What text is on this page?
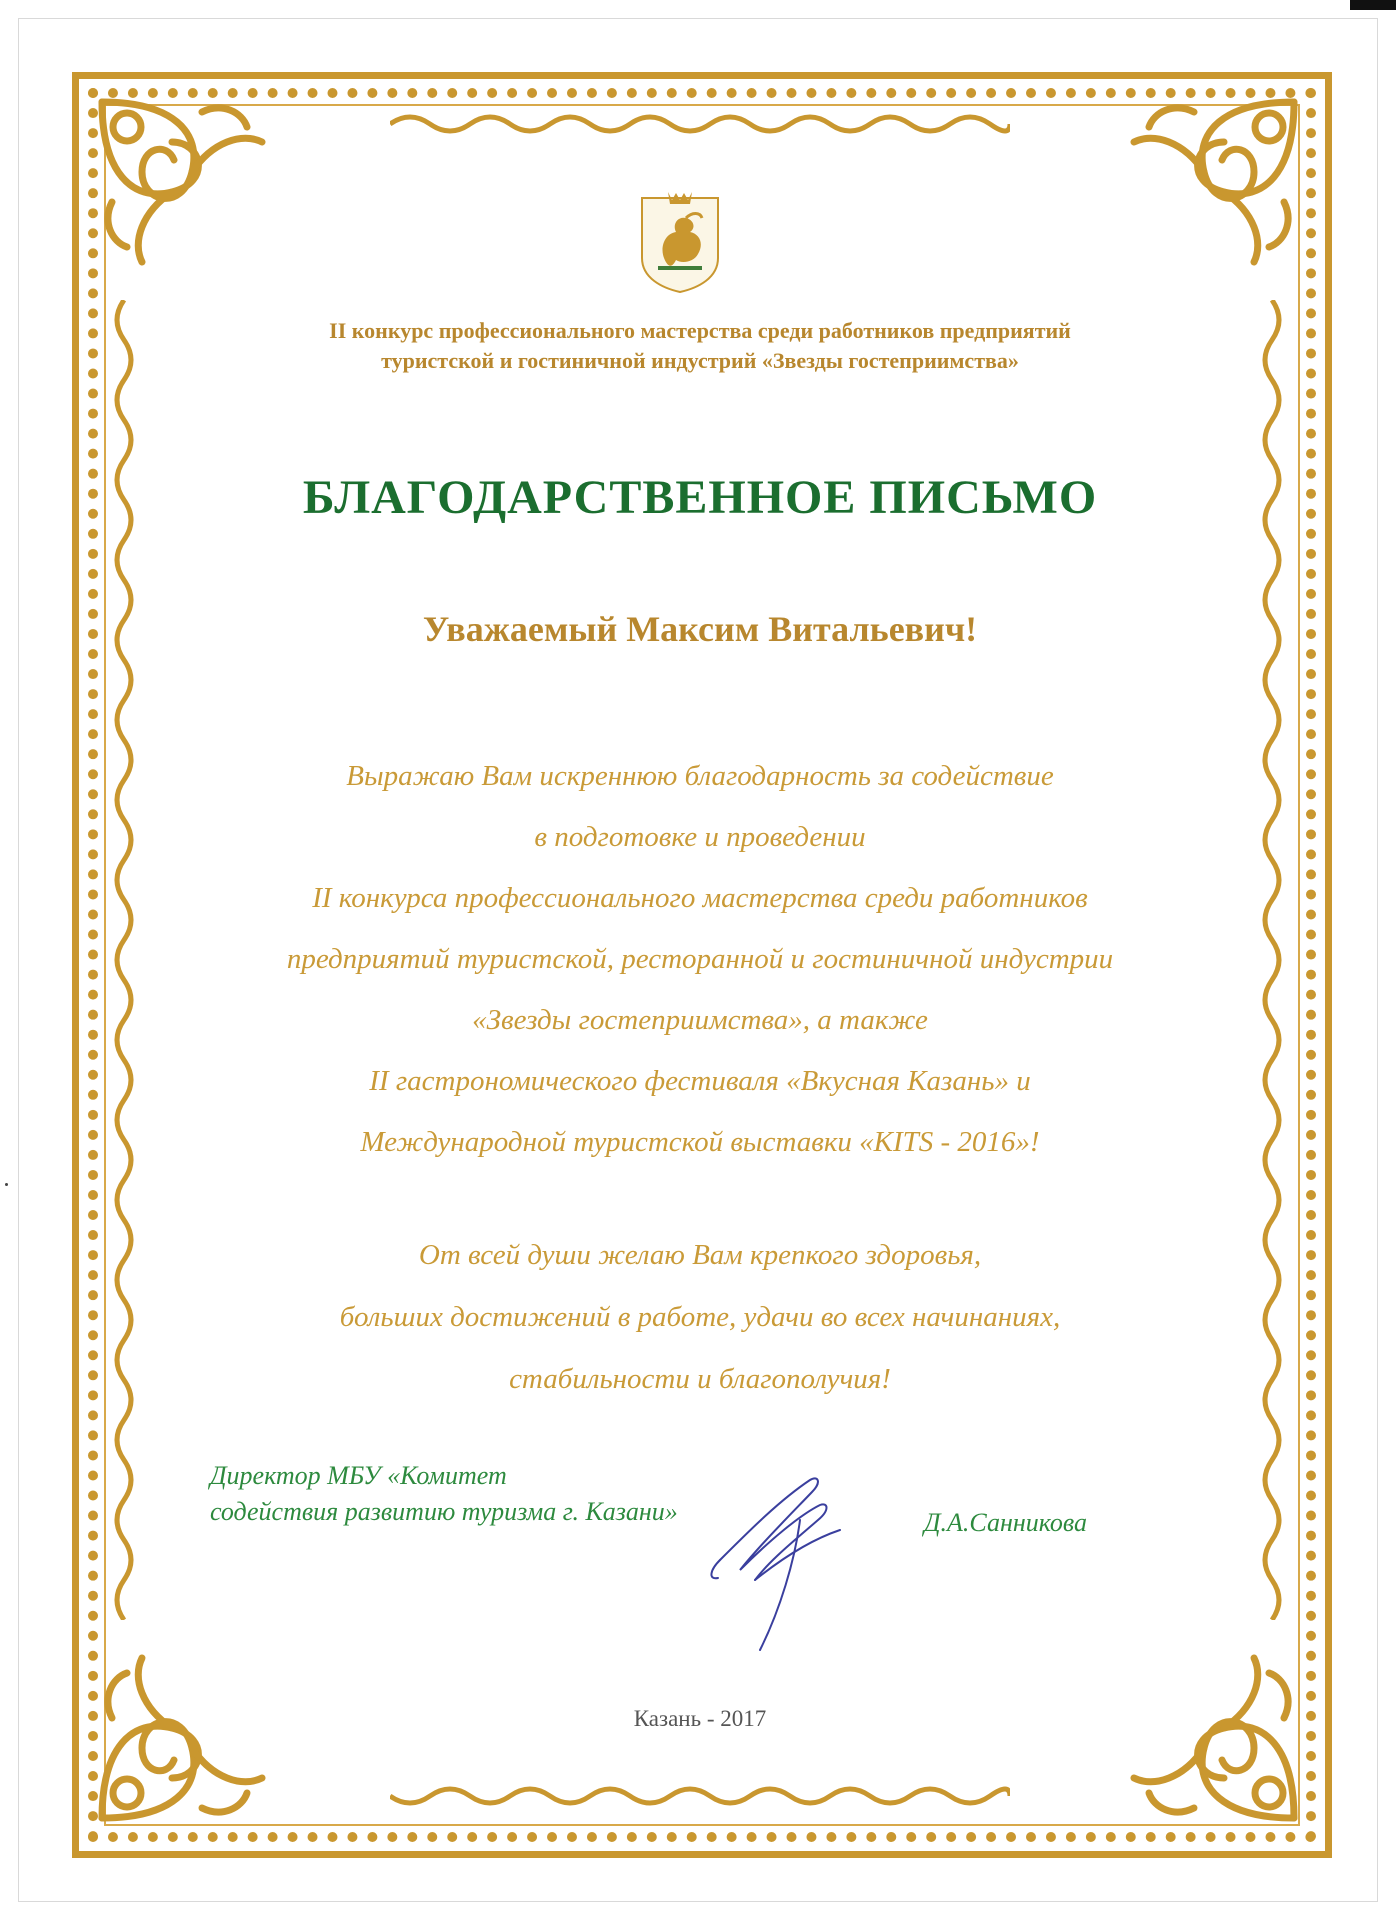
II конкурс профессионального мастерства среди работников предприятий
туристской и гостиничной индустрий «Звезды гостеприимства»
БЛАГОДАРСТВЕННОЕ ПИСЬМО
Уважаемый Максим Витальевич!
Выражаю Вам искреннюю благодарность за содействие
в подготовке и проведении
II конкурса профессионального мастерства среди работников
предприятий туристской, ресторанной и гостиничной индустрии
«Звезды гостеприимства», а также
II гастрономического фестиваля «Вкусная Казань» и
Международной туристской выставки «KITS - 2016»!
От всей души желаю Вам крепкого здоровья,
больших достижений в работе, удачи во всех начинаниях,
стабильности и благополучия!
Директор МБУ «Комитет
содействия развитию туризма г. Казани»	Д.А.Санникова
Казань - 2017
